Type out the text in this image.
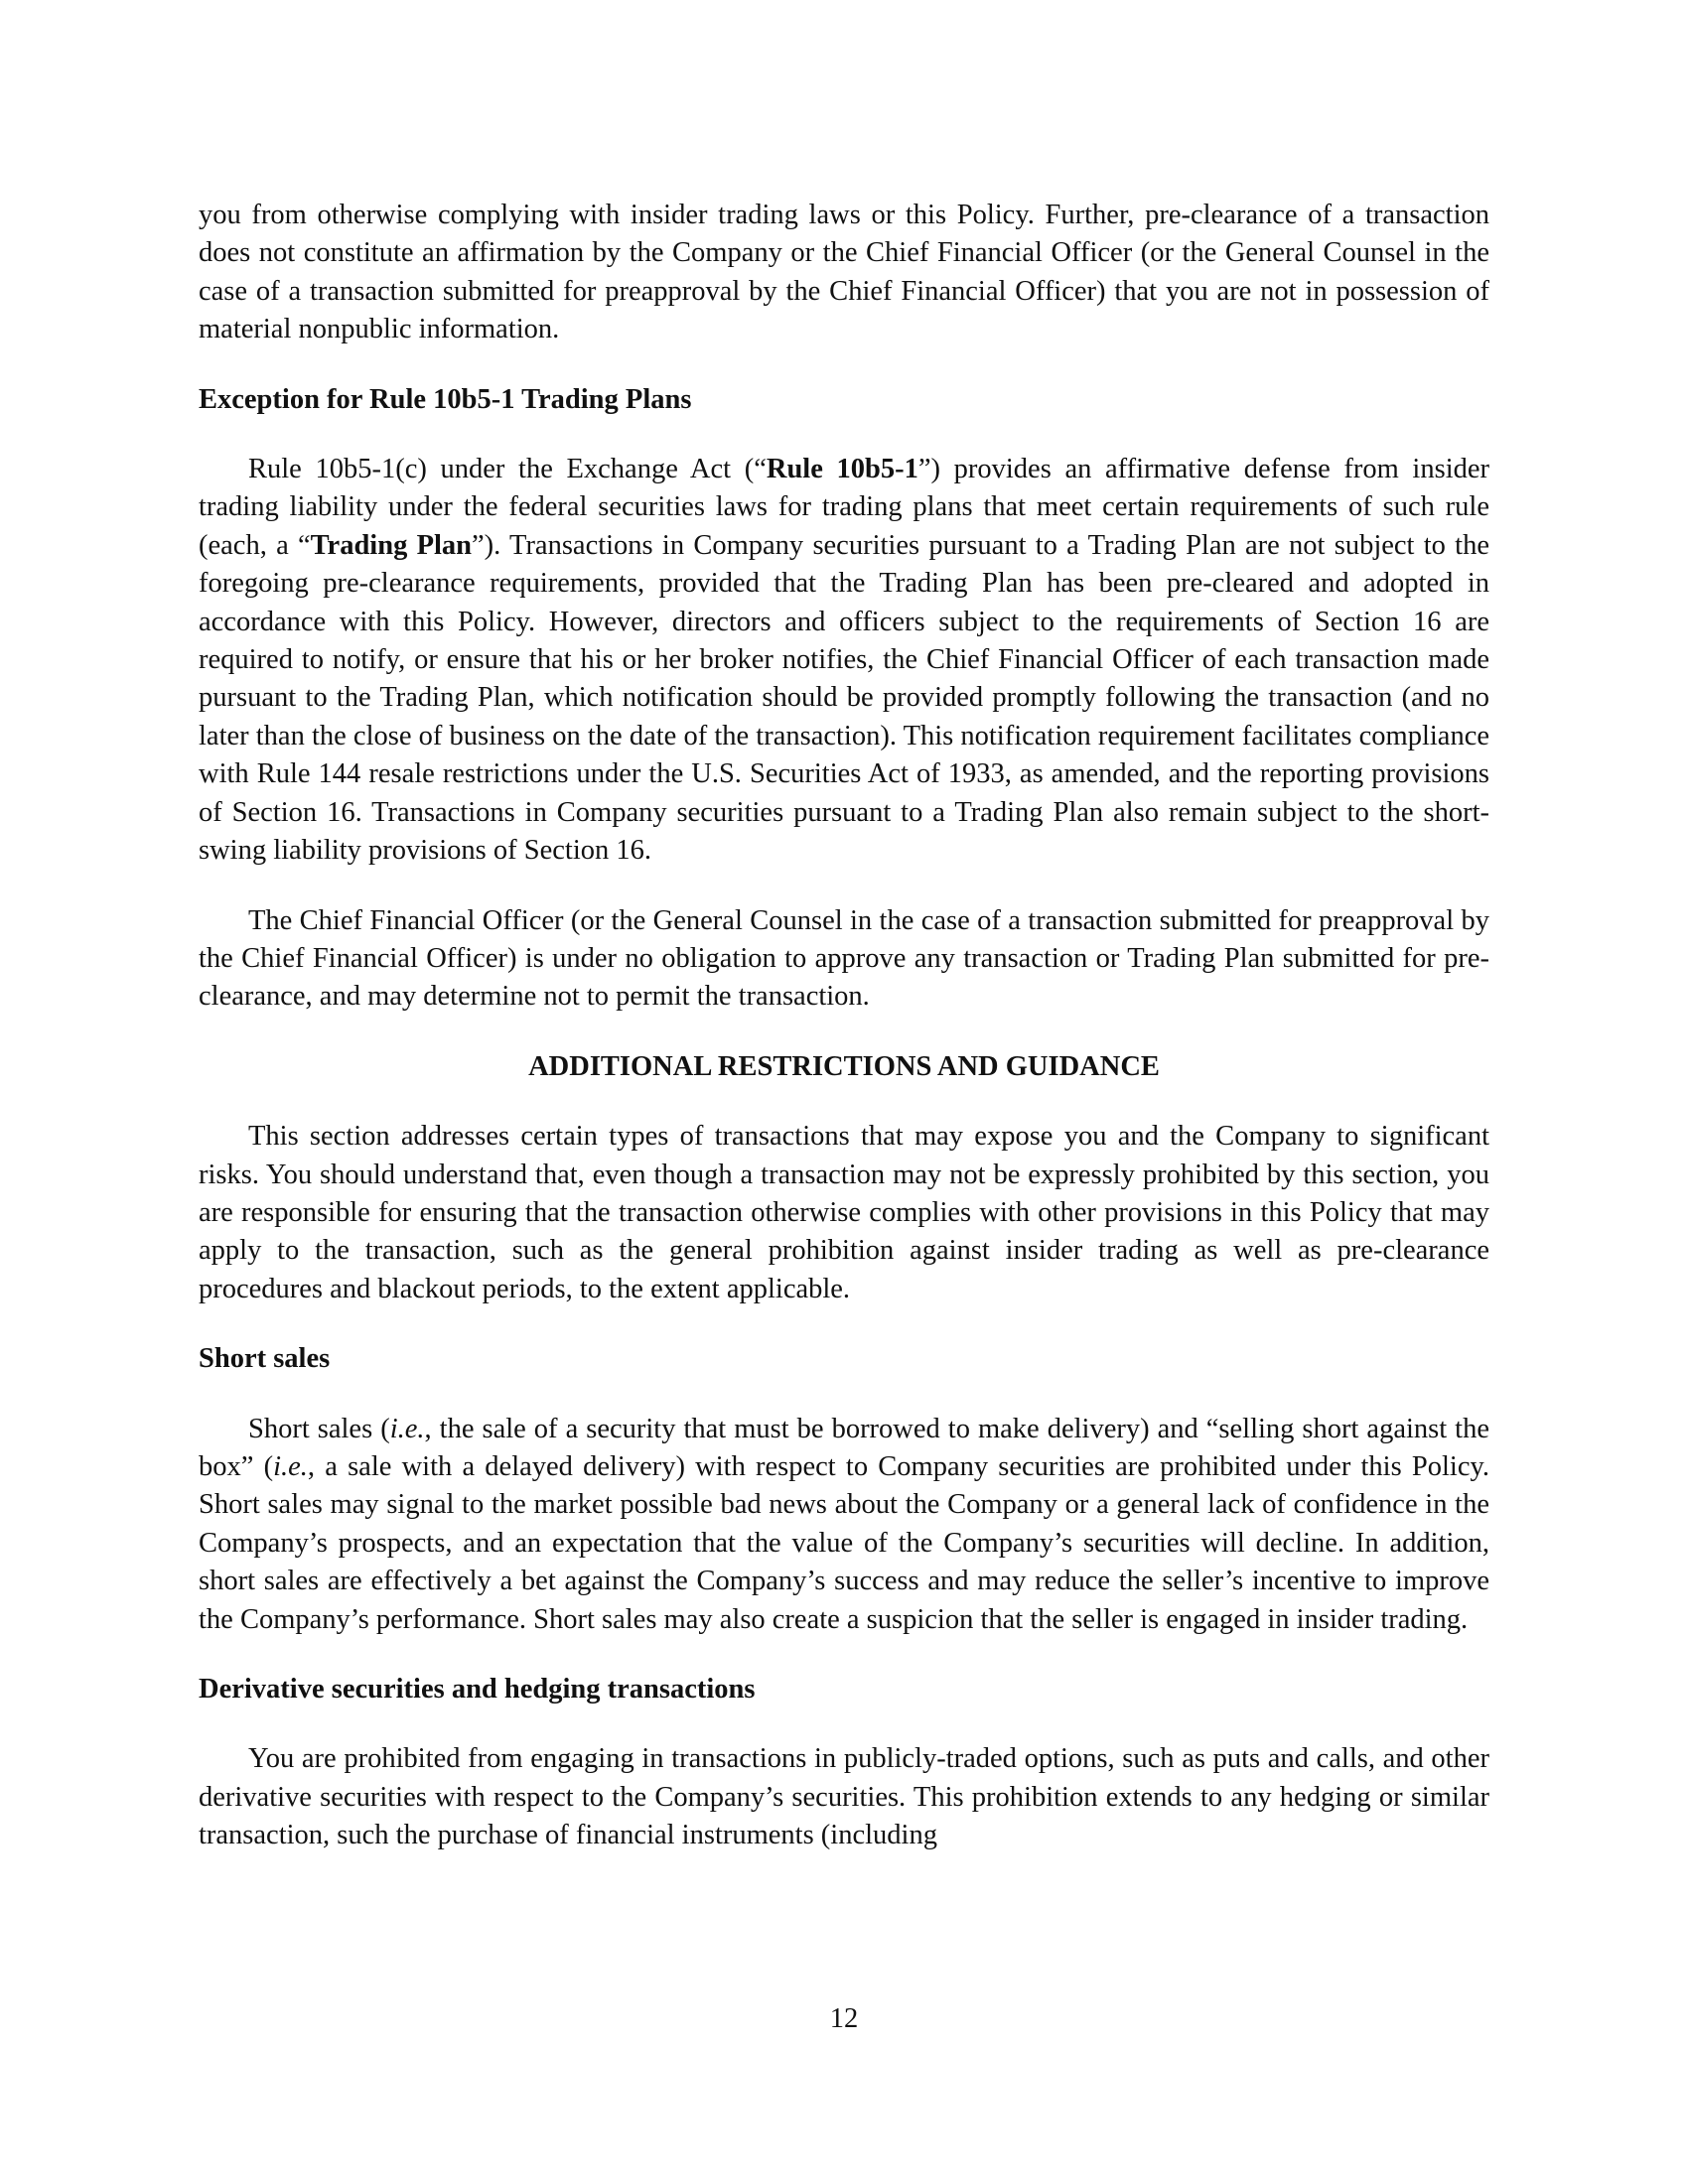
you from otherwise complying with insider trading laws or this Policy. Further, pre-clearance of a transaction does not constitute an affirmation by the Company or the Chief Financial Officer (or the General Counsel in the case of a transaction submitted for preapproval by the Chief Financial Officer) that you are not in possession of material nonpublic information.

Exception for Rule 10b5-1 Trading Plans

Rule 10b5-1(c) under the Exchange Act (“Rule 10b5-1”) provides an affirmative defense from insider trading liability under the federal securities laws for trading plans that meet certain requirements of such rule (each, a “Trading Plan”). Transactions in Company securities pursuant to a Trading Plan are not subject to the foregoing pre-clearance requirements, provided that the Trading Plan has been pre-cleared and adopted in accordance with this Policy. However, directors and officers subject to the requirements of Section 16 are required to notify, or ensure that his or her broker notifies, the Chief Financial Officer of each transaction made pursuant to the Trading Plan, which notification should be provided promptly following the transaction (and no later than the close of business on the date of the transaction). This notification requirement facilitates compliance with Rule 144 resale restrictions under the U.S. Securities Act of 1933, as amended, and the reporting provisions of Section 16. Transactions in Company securities pursuant to a Trading Plan also remain subject to the short-swing liability provisions of Section 16.

The Chief Financial Officer (or the General Counsel in the case of a transaction submitted for preapproval by the Chief Financial Officer) is under no obligation to approve any transaction or Trading Plan submitted for pre-clearance, and may determine not to permit the transaction.

ADDITIONAL RESTRICTIONS AND GUIDANCE

This section addresses certain types of transactions that may expose you and the Company to significant risks. You should understand that, even though a transaction may not be expressly prohibited by this section, you are responsible for ensuring that the transaction otherwise complies with other provisions in this Policy that may apply to the transaction, such as the general prohibition against insider trading as well as pre-clearance procedures and blackout periods, to the extent applicable.

Short sales

Short sales (i.e., the sale of a security that must be borrowed to make delivery) and “selling short against the box” (i.e., a sale with a delayed delivery) with respect to Company securities are prohibited under this Policy. Short sales may signal to the market possible bad news about the Company or a general lack of confidence in the Company’s prospects, and an expectation that the value of the Company’s securities will decline. In addition, short sales are effectively a bet against the Company’s success and may reduce the seller’s incentive to improve the Company’s performance. Short sales may also create a suspicion that the seller is engaged in insider trading.

Derivative securities and hedging transactions

You are prohibited from engaging in transactions in publicly-traded options, such as puts and calls, and other derivative securities with respect to the Company’s securities. This prohibition extends to any hedging or similar transaction, such the purchase of financial instruments (including

12
